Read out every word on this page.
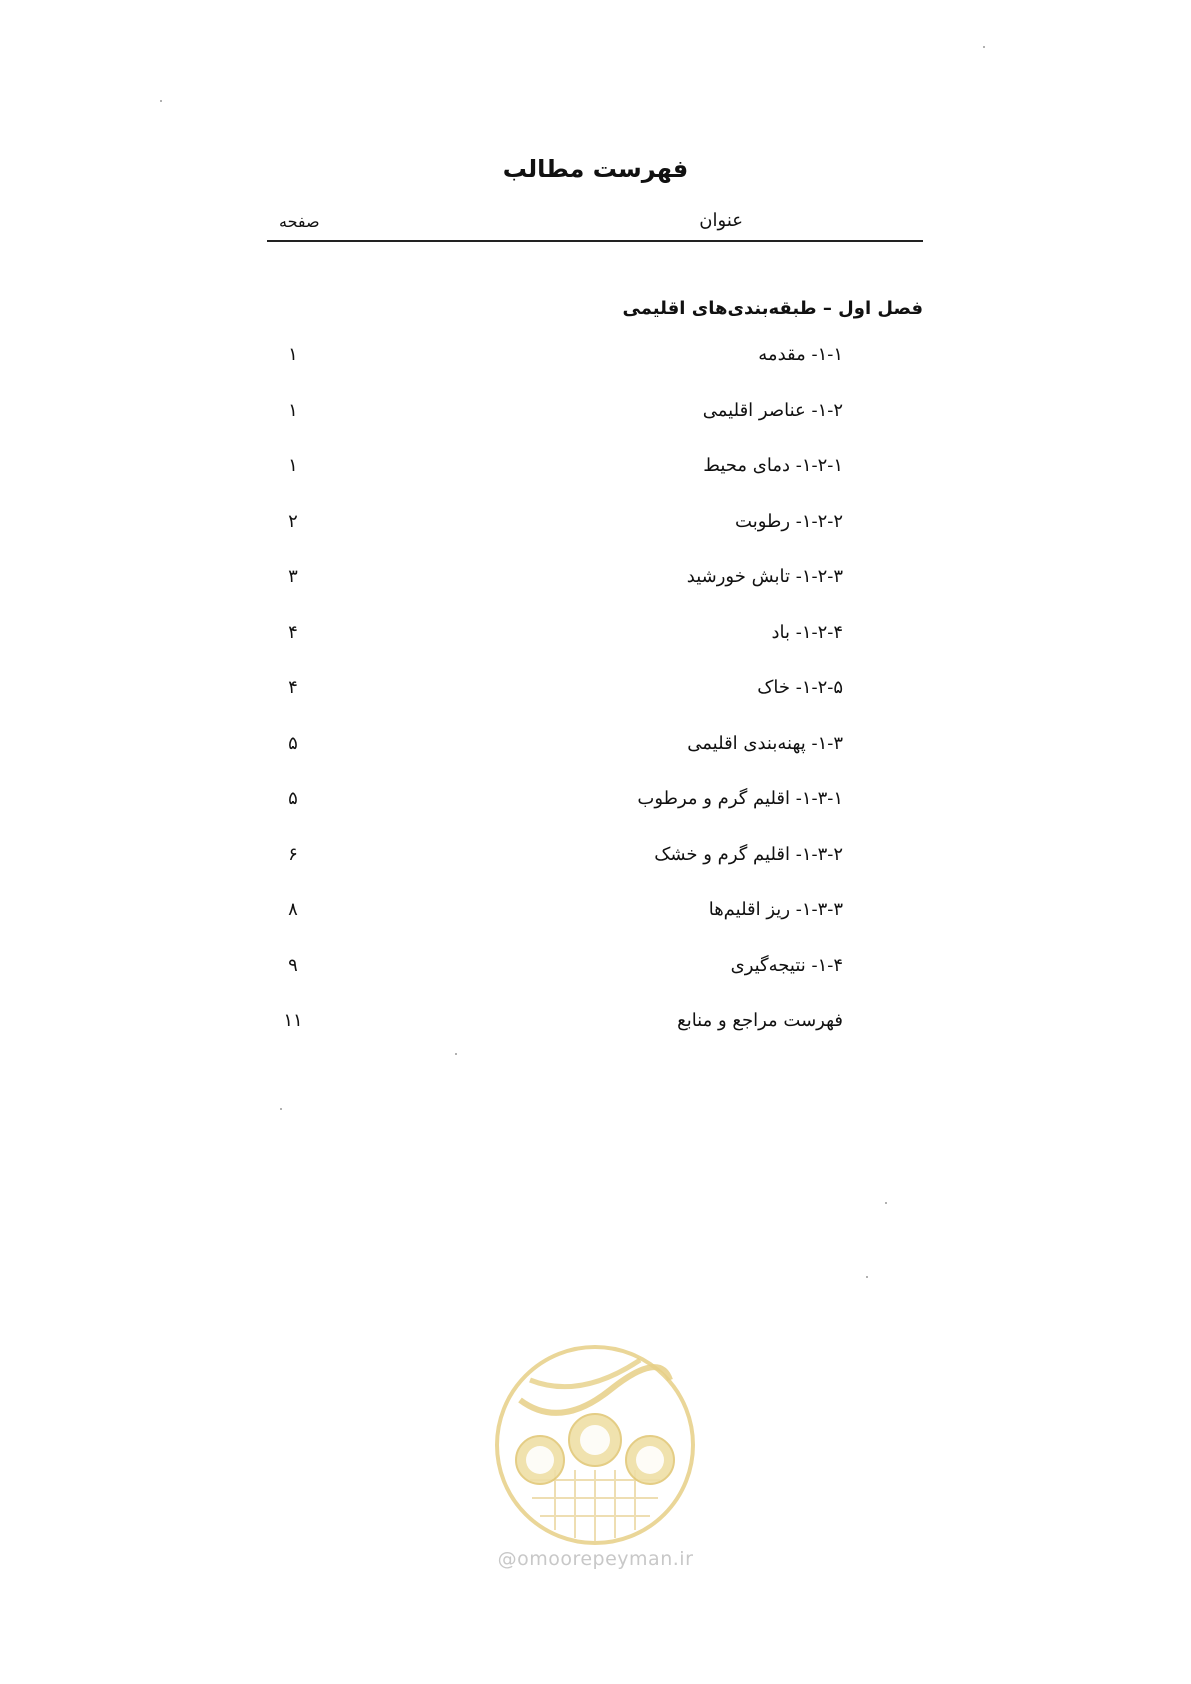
فهرست مطالب
عنوان
صفحه
فصل اول – طبقه‌بندی‌های اقلیمی
۱-۱- مقدمه
۱
۱-۲- عناصر اقلیمی
۱
۱-۲-۱- دمای محیط
۱
۱-۲-۲- رطوبت
۲
۱-۲-۳- تابش خورشید
۳
۱-۲-۴- باد
۴
۱-۲-۵- خاک
۴
۱-۳- پهنه‌بندی اقلیمی
۵
۱-۳-۱- اقلیم گرم و مرطوب
۵
۱-۳-۲- اقلیم گرم و خشک
۶
۱-۳-۳- ریز اقلیم‌ها
۸
۱-۴- نتیجه‌گیری
۹
فهرست مراجع و منابع
۱۱
@omoorepeyman.ir
